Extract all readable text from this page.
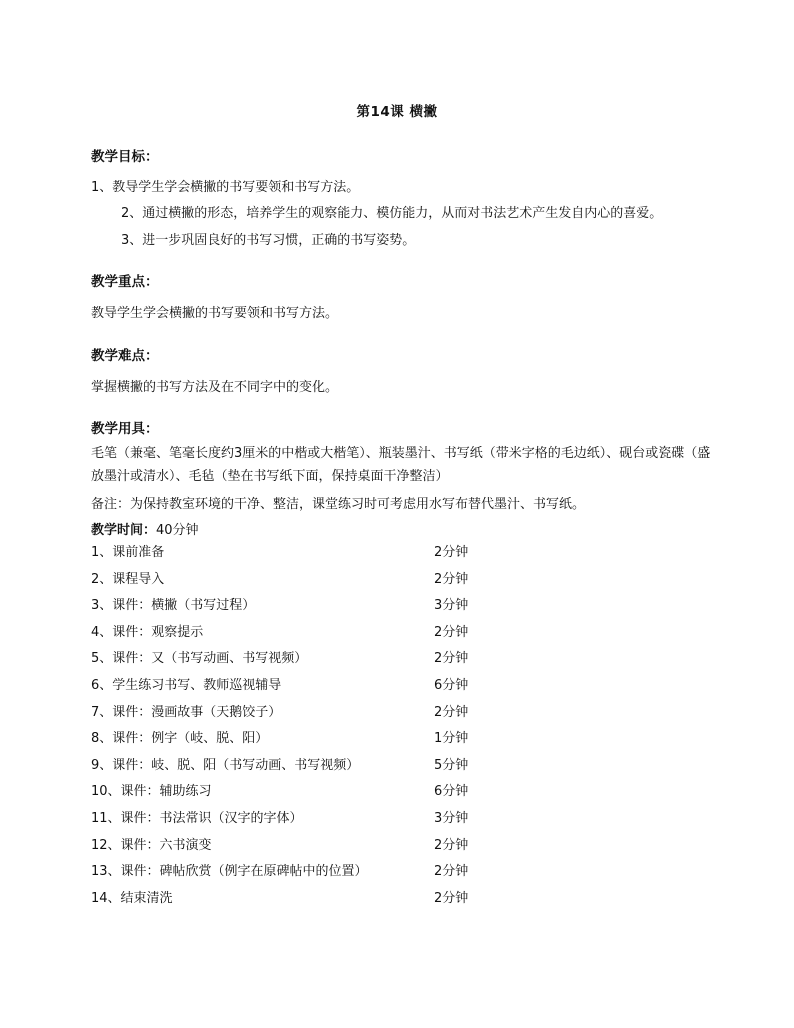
第14课 横撇
教学目标：
1、教导学生学会横撇的书写要领和书写方法。
2、通过横撇的形态，培养学生的观察能力、模仿能力，从而对书法艺术产生发自内心的喜爱。
3、进一步巩固良好的书写习惯，正确的书写姿势。
教学重点：
教导学生学会横撇的书写要领和书写方法。
教学难点：
掌握横撇的书写方法及在不同字中的变化。
教学用具：
毛笔（兼毫、笔毫长度约3厘米的中楷或大楷笔）、瓶装墨汁、书写纸（带米字格的毛边纸）、砚台或瓷碟（盛放墨汁或清水）、毛毡（垫在书写纸下面，保持桌面干净整洁）
备注：为保持教室环境的干净、整洁，课堂练习时可考虑用水写布替代墨汁、书写纸。
教学时间：40分钟
1、课前准备	2分钟
2、课程导入	2分钟
3、课件：横撇（书写过程）	3分钟
4、课件：观察提示	2分钟
5、课件：又（书写动画、书写视频）	2分钟
6、学生练习书写、教师巡视辅导	6分钟
7、课件：漫画故事（天鹅饺子）	2分钟
8、课件：例字（岐、脱、阳）	1分钟
9、课件：岐、脱、阳（书写动画、书写视频）	5分钟
10、课件：辅助练习	6分钟
11、课件：书法常识（汉字的字体）	3分钟
12、课件：六书演变	2分钟
13、课件：碑帖欣赏（例字在原碑帖中的位置）	2分钟
14、结束清洗	2分钟
